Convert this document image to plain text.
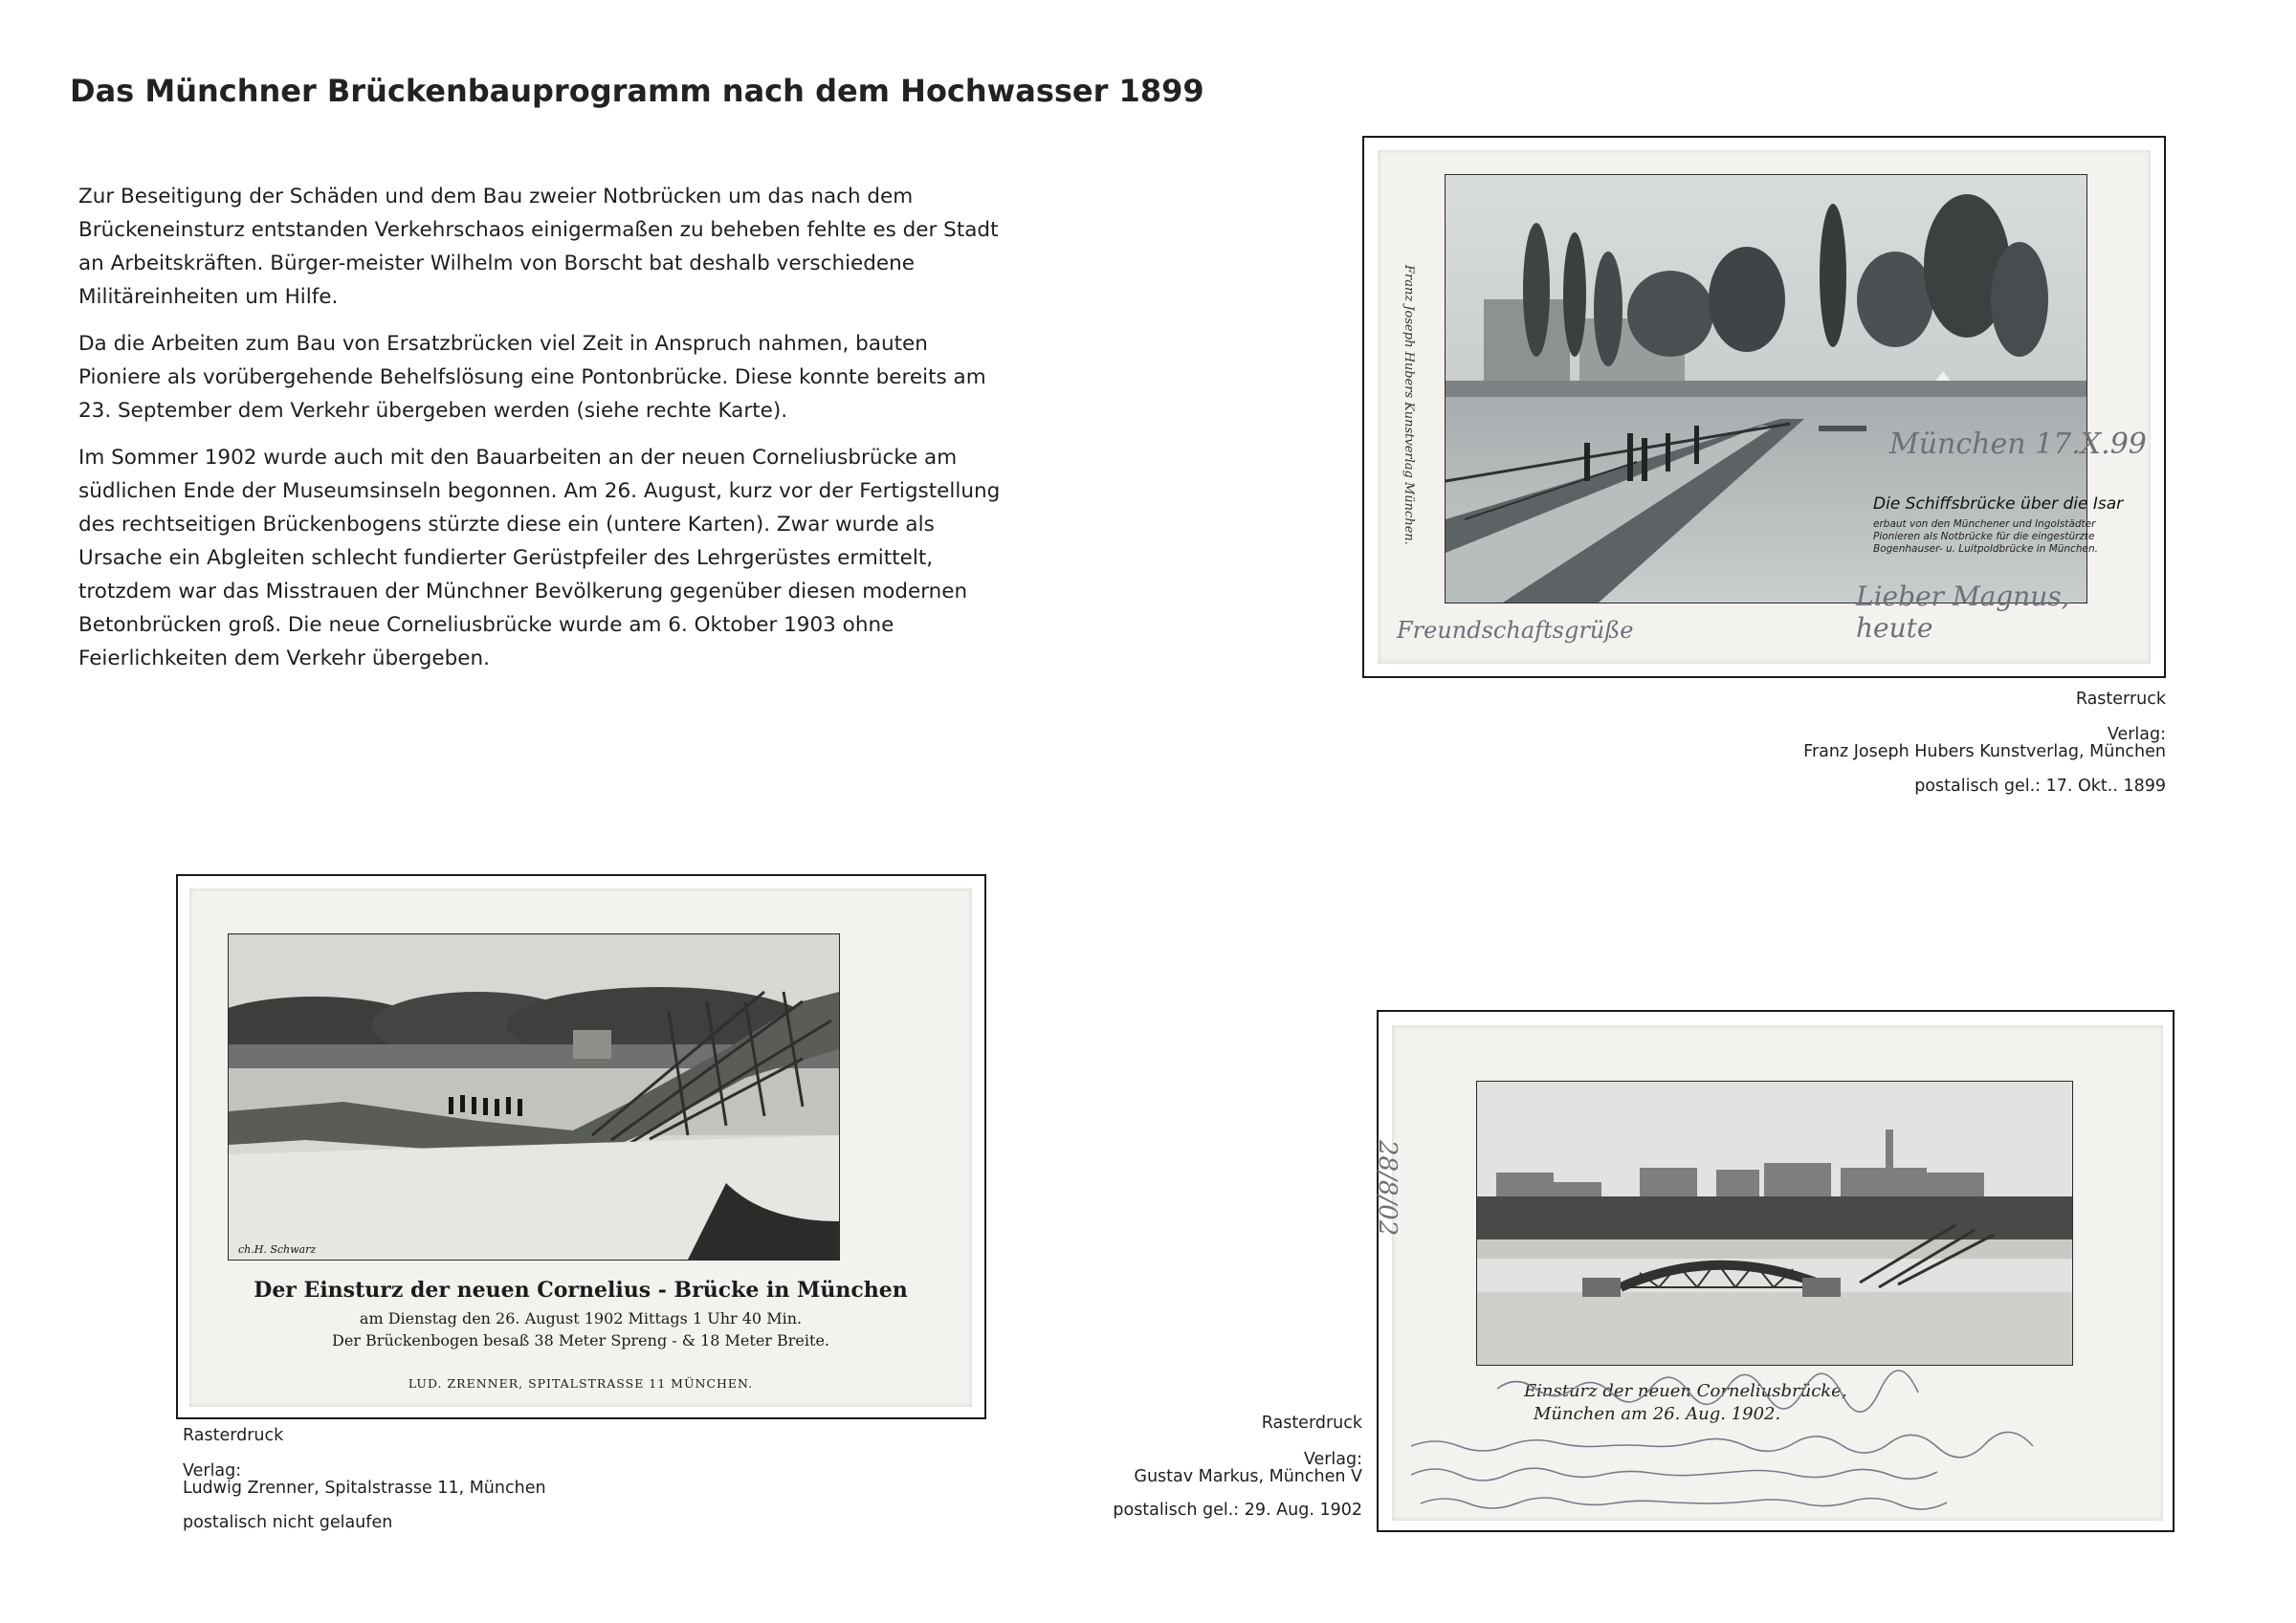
Das Münchner Brückenbauprogramm nach dem Hochwasser 1899

Zur Beseitigung der Schäden und dem Bau zweier Notbrücken um das nach dem Brückeneinsturz entstanden Verkehrschaos einigermaßen zu beheben fehlte es der Stadt an Arbeitskräften. Bürger-meister Wilhelm von Borscht bat deshalb verschiedene Militäreinheiten um Hilfe.

Da die Arbeiten zum Bau von Ersatzbrücken viel Zeit in Anspruch nahmen, bauten Pioniere als vorübergehende Behelfslösung eine Pontonbrücke. Diese konnte bereits am 23. September dem Verkehr übergeben werden (siehe rechte Karte).

Im Sommer 1902 wurde auch mit den Bauarbeiten an der neuen Corneliusbrücke am südlichen Ende der Museumsinseln begonnen. Am 26. August, kurz vor der Fertigstellung des rechtseitigen Brückenbogens stürzte diese ein (untere Karten). Zwar wurde als Ursache ein Abgleiten schlecht fundierter Gerüstpfeiler des Lehrgerüstes ermittelt, trotzdem war das Misstrauen der Münchner Bevölkerung gegenüber diesen modernen Betonbrücken groß. Die neue Corneliusbrücke wurde am 6. Oktober 1903 ohne Feierlichkeiten dem Verkehr übergeben.

Franz Joseph Hubers Kunstverlag München.	Die Schiffsbrücke über die Isar
erbaut von den Münchener und Ingolstädter
Pionieren als Notbrücke für die eingestürzte
Bogenhauser- u. Luitpoldbrücke in München.
München 17.X.99
Lieber Magnus, heute
Freundschaftsgrüße
Rasterruck
Verlag:
Franz Joseph Hubers Kunstverlag, München
postalisch gel.: 17. Okt.. 1899
ch.H. Schwarz
Der Einsturz der neuen Cornelius - Brücke in München
am Dienstag den 26. August 1902 Mittags 1 Uhr 40 Min.
Der Brückenbogen besaß 38 Meter Spreng - & 18 Meter Breite.
LUD. ZRENNER, SPITALSTRASSE 11 MÜNCHEN.
Rasterdruck
Verlag:
Ludwig Zrenner, Spitalstrasse 11, München
postalisch nicht gelaufen
Einsturz der neuen Corneliusbrücke,
München am 26. Aug. 1902.
28/8/02
Rasterdruck
Verlag:
Gustav Markus, München V
postalisch gel.: 29. Aug. 1902
